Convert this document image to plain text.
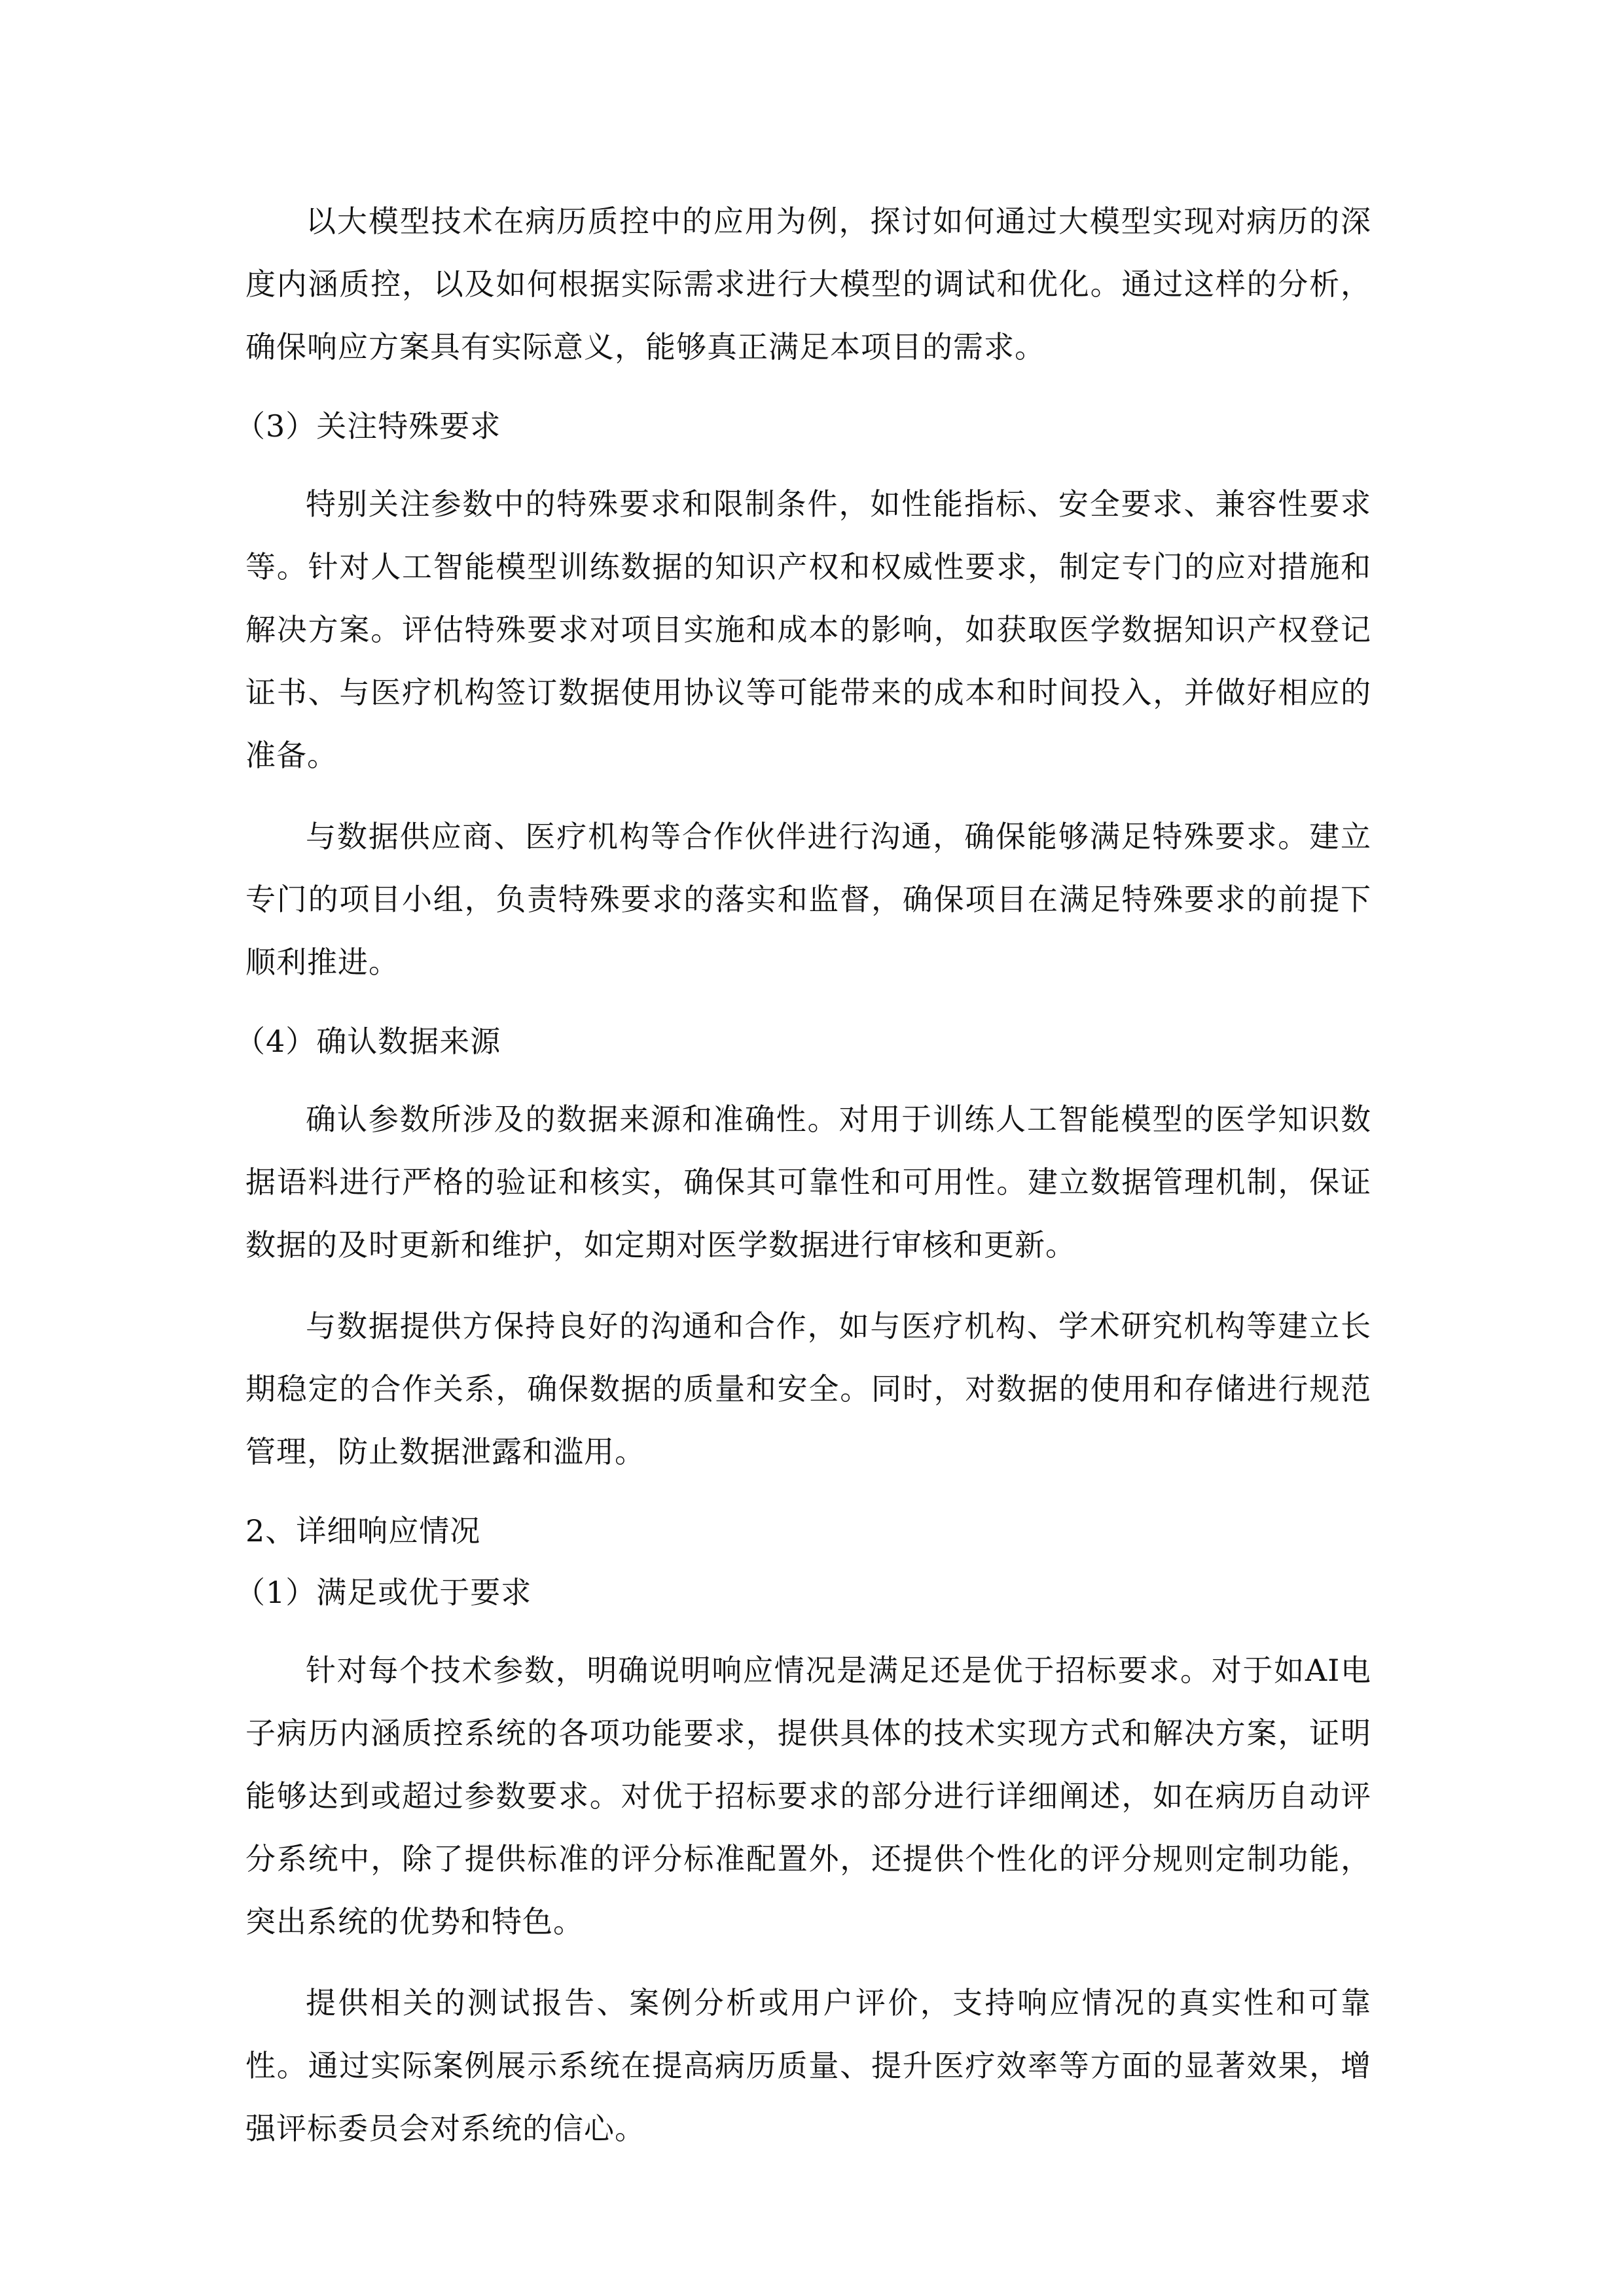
以大模型技术在病历质控中的应用为例，探讨如何通过大模型实现对病历的深度内涵质控，以及如何根据实际需求进行大模型的调试和优化。通过这样的分析，确保响应方案具有实际意义，能够真正满足本项目的需求。

（3）关注特殊要求

特别关注参数中的特殊要求和限制条件，如性能指标、安全要求、兼容性要求等。针对人工智能模型训练数据的知识产权和权威性要求，制定专门的应对措施和解决方案。评估特殊要求对项目实施和成本的影响，如获取医学数据知识产权登记证书、与医疗机构签订数据使用协议等可能带来的成本和时间投入，并做好相应的准备。

与数据供应商、医疗机构等合作伙伴进行沟通，确保能够满足特殊要求。建立专门的项目小组，负责特殊要求的落实和监督，确保项目在满足特殊要求的前提下顺利推进。

（4）确认数据来源

确认参数所涉及的数据来源和准确性。对用于训练人工智能模型的医学知识数据语料进行严格的验证和核实，确保其可靠性和可用性。建立数据管理机制，保证数据的及时更新和维护，如定期对医学数据进行审核和更新。

与数据提供方保持良好的沟通和合作，如与医疗机构、学术研究机构等建立长期稳定的合作关系，确保数据的质量和安全。同时，对数据的使用和存储进行规范管理，防止数据泄露和滥用。

2、详细响应情况

（1）满足或优于要求

针对每个技术参数，明确说明响应情况是满足还是优于招标要求。对于如AI电子病历内涵质控系统的各项功能要求，提供具体的技术实现方式和解决方案，证明能够达到或超过参数要求。对优于招标要求的部分进行详细阐述，如在病历自动评分系统中，除了提供标准的评分标准配置外，还提供个性化的评分规则定制功能，突出系统的优势和特色。

提供相关的测试报告、案例分析或用户评价，支持响应情况的真实性和可靠性。通过实际案例展示系统在提高病历质量、提升医疗效率等方面的显著效果，增强评标委员会对系统的信心。
